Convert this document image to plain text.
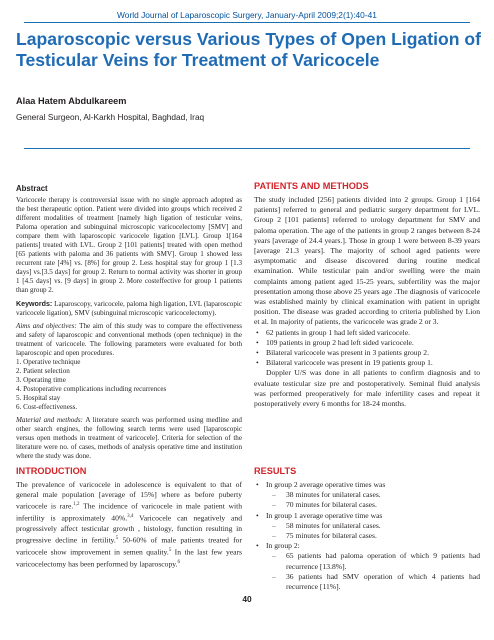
World Journal of Laparoscopic Surgery, January-April 2009;2(1):40-41
Laparoscopic versus Various Types of Open Ligation of Testicular Veins for Treatment of Varicocele
Alaa Hatem Abdulkareem
General Surgeon, Al-Karkh Hospital, Baghdad, Iraq
Abstract

Varicocele therapy is controversial issue with no single approach adopted as the best therapeutic option. Patient were divided into groups which received 2 different modalities of treatment [namely high ligation of testicular veins, Paloma operation and subinguinal microscopic varicocelectomy [SMV] and compare them with laparoscopic varicocele ligation [LVL]. Group 1[164 patients] treated with LVL. Group 2 [101 patients] treated with open method [65 patients with paloma and 36 patients with SMV]. Group 1 showed less recurrent rate [4%] vs. [8%] for group 2. Less hospital stay for group 1 [1.3 days] vs.[3.5 days] for group 2. Return to normal activity was shorter in group 1 [4.5 days] vs. [9 days] in group 2. More costeffective for group 1 patients than group 2.

Keywords: Laparoscopy, varicocele, paloma high ligation, LVL (laparoscopic varicocele ligation), SMV (subinguinal microscopic varicocelectomy).

Aims and objectives: The aim of this study was to compare the effectiveness and safety of laparoscopic and conventional methods (open technique) in the treatment of varicocele. The following parameters were evaluated for both laparoscopic and open procedures.

1. Operative technique
2. Patient selection
3. Operating time
4. Postoperative complications including recurrences
5. Hospital stay
6. Cost-effectiveness.

Material and methods: A literature search was performed using medline and other search engines, the following search terms were used [laparoscopic versus open methods in treatment of varicocele]. Criteria for selection of the literature were no. of cases, methods of analysis operative time and institution where the study was done.

INTRODUCTION

The prevalence of varicocele in adolescence is equivalent to that of general male population [average of 15%] where as before puberty varicocele is rare.$^{1,2}$ The incidence of varicocele in male patient with infertility is approximately 40%.$^{3,4}$ Varicocele can negatively and progressively affect testicular growth , histology, function resulting in progressive decline in fertility.$^5$ 50-60% of male patients treated for varicocele show improvement in semen quality.$^5$ In the last few years varicocelectomy has been performed by laparoscopy.$^6$

PATIENTS AND METHODS

The study included [256] patients divided into 2 groups. Group 1 [164 patients] referred to general and pediatric surgery department for LVL. Group 2 [101 patients] referred to urology department for SMV and paloma operation. The age of the patients in group 2 ranges between 8-24 years [average of 24.4 years.]. Those in group 1 were between 8-39 years [average 21.3 years]. The majority of school aged patients were asymptomatic and disease discovered during routine medical examination. While testicular pain and/or swelling were the main complaints among patient aged 15-25 years, subfertility was the major presentation among those above 25 years age .The diagnosis of varicocele was established mainly by clinical examination with patient in upright position. The disease was graded according to criteria published by Lion et al. In majority of patients, the varicocele was grade 2 or 3.

• 62 patients in group 1 had left sided varicocele.
• 109 patients in group 2 had left sided varicocele.
• Bilateral varicocele was present in 3 patients group 2.
• Bilateral varicocele was present in 19 patients group 1.

Doppler U/S was done in all patients to confirm diagnosis and to evaluate testicular size pre and postoperatively. Seminal fluid analysis was performed preoperatively for male infertility cases and repeat it postoperatively every 6 months for 18-24 months.

RESULTS
• In group 2 average operative times was
– 38 minutes for unilateral cases.
– 70 minutes for bilateral cases.
• In group 1 average operative time was
– 58 minutes for unilateral cases.
– 75 minutes for bilateral cases.
• In group 2:
– 65 patients had paloma operation of which 9 patients had recurrence [13.8%].
– 36 patients had SMV operation of which 4 patients had recurrence [11%].
40
